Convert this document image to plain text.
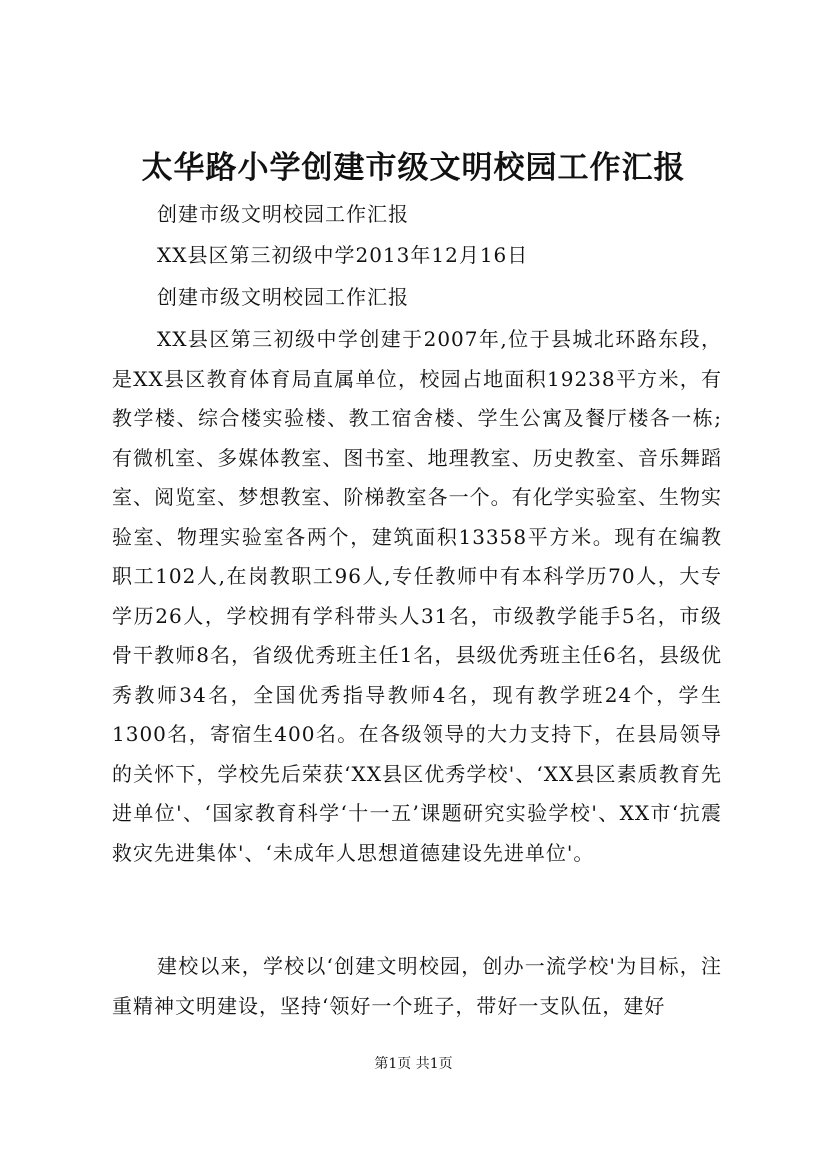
太华路小学创建市级文明校园工作汇报

创建市级文明校园工作汇报

XX县区第三初级中学2013年12月16日

创建市级文明校园工作汇报

XX县区第三初级中学创建于2007年,位于县城北环路东段，是XX县区教育体育局直属单位，校园占地面积19238平方米，有教学楼、综合楼实验楼、教工宿舍楼、学生公寓及餐厅楼各一栋;有微机室、多媒体教室、图书室、地理教室、历史教室、音乐舞蹈室、阅览室、梦想教室、阶梯教室各一个。有化学实验室、生物实验室、物理实验室各两个，建筑面积13358平方米。现有在编教职工102人,在岗教职工96人,专任教师中有本科学历70人，大专学历26人，学校拥有学科带头人31名，市级教学能手5名，市级骨干教师8名，省级优秀班主任1名，县级优秀班主任6名，县级优秀教师34名，全国优秀指导教师4名，现有教学班24个，学生1300名，寄宿生400名。在各级领导的大力支持下，在县局领导的关怀下，学校先后荣获‘XX县区优秀学校'、‘XX县区素质教育先进单位'、‘国家教育科学‘十一五’课题研究实验学校'、XX市‘抗震救灾先进集体'、‘未成年人思想道德建设先进单位'。

建校以来，学校以‘创建文明校园，创办一流学校'为目标，注重精神文明建设，坚持‘领好一个班子，带好一支队伍，建好

第1页 共1页
